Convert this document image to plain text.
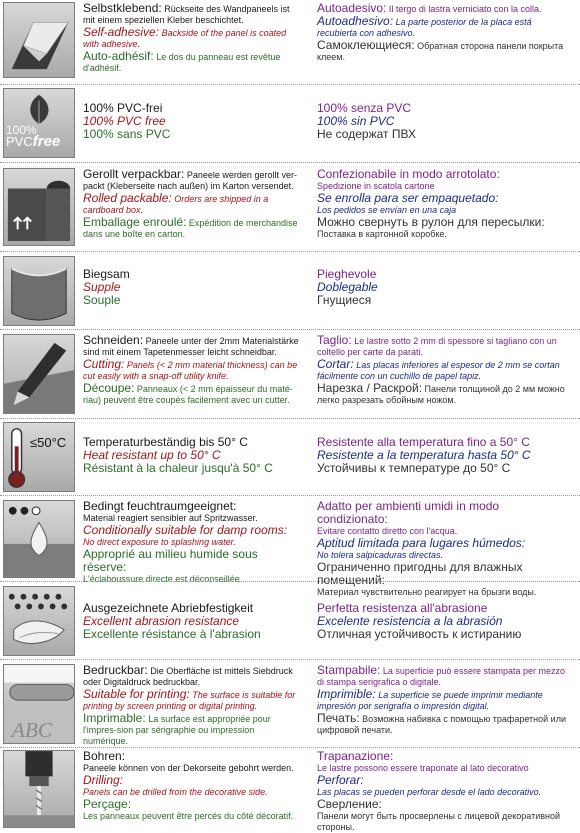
Selbstklebend: Rückseite des Wandpaneels ist mit einem speziellen Kleber beschichtet.
Self-adhesive: Backside of the panel is coated with adhesive.
Auto-adhésif: Le dos du panneau est revêtue d'adhésif.
Autoadesivo: Il tergo di lastra verniciato con la colla.
Autoadhesivo: La parte posterior de la placa está recubierta con adhesivo.
Самоклеющиеся: Обратная сторона панели покрыта клеем.
100%
PVCfree
100% PVC-frei
100% PVC free
100% sans PVC
100% senza PVC
100% sin PVC
Не содержат ПВХ
Gerollt verpackbar: Paneele werden gerollt ver-packt (Kleberseite nach außen) im Karton versendet.
Rolled packable: Orders are shipped in a cardboard box.
Emballage enroulé: Expédition de merchandise dans une boîte en carton.
Confezionabile in modo arrotolato:
Spedizione in scatola cartone
Se enrolla para ser empaquetado:
Los pedidos se envían en una caja
Можно свернуть в рулон для пересылки:
Поставка в картонной коробке.
Biegsam
Supple
Souple
Pieghevole
Doblegable
Гнущиеся
Schneiden: Paneele unter der 2mm Materialstärke sind mit einem Tapetenmesser leicht schneidbar.
Cutting: Panels (< 2 mm material thickness) can be cut easily with a snap-off utility knife.
Découpe: Panneaux (< 2 mm épaisseur du maté-riau) peuvent être coupés facilement avec un cutter.
Taglio: Le lastre sotto 2 mm di spessore si tagliano con un coltello per carte da parati.
Cortar: Las placas inferiores al espesor de 2 mm se cortan fácilmente con un cuchillo de papel tapiz.
Нарезка / Раскрой: Панели толщиной до 2 мм можно легко разрезать обойным ножом.
≤50°C Temperaturbeständig bis 50° C
Heat resistant up to 50° C
Résistant à la chaleur jusqu'à 50° C
Resistente alla temperatura fino a 50° C
Resistente a la temperatura hasta 50° C
Устойчивы к температуре до 50° C
Bedingt feuchtraumgeeignet:
Material reagiert sensibler auf Spritzwasser.
Conditionally suitable for damp rooms:
No direct exposure to splashing water.
Approprié au milieu humide sous réserve:
L'éclaboussure directe est déconseillée.
Adatto per ambienti umidi in modo condizionato:
Evitare contatto diretto con l'acqua.
Aptitud limitada para lugares húmedos:
No tolera salpicaduras directas.
Ограниченно пригодны для влажных помещений:
Материал чувствительно реагирует на брызги воды.
Ausgezeichnete Abriebfestigkeit
Excellent abrasion resistance
Excellente résistance à l'abrasion
Perfetta resistenza all'abrasione
Excelente resistencia a la abrasión
Отличная устойчивость к истиранию
ABC
Bedruckbar: Die Oberfläche ist mittels Siebdruck oder Digitaldruck bedruckbar.
Suitable for printing: The surface is suitable for printing by screen printing or digital printing.
Imprimable: La surface est appropriée pour l'impres-sion par sérigraphie ou impression numérique.
Stampabile: La superficie può essere stampata per mezzo di stampa serigrafica o digitale.
Imprimible: La superficie se puede imprimir mediante impresión por serigrafía o impresión digital.
Печать: Возможна набивка с помощью трафаретной или цифровой печати.
Bohren:
Paneele können von der Dekorseite gebohrt werden.
Drilling:
Panels can be drilled from the decorative side.
Perçage:
Les panneaux peuvent être percés du côté décoratif.
Trapanazione:
Le lastre possono essere traponate al lato decorativo
Perforar:
Las placas se pueden perforar desde el lado decorativo.
Сверление:
Панели могут быть просверлены с лицевой декоративной стороны.
